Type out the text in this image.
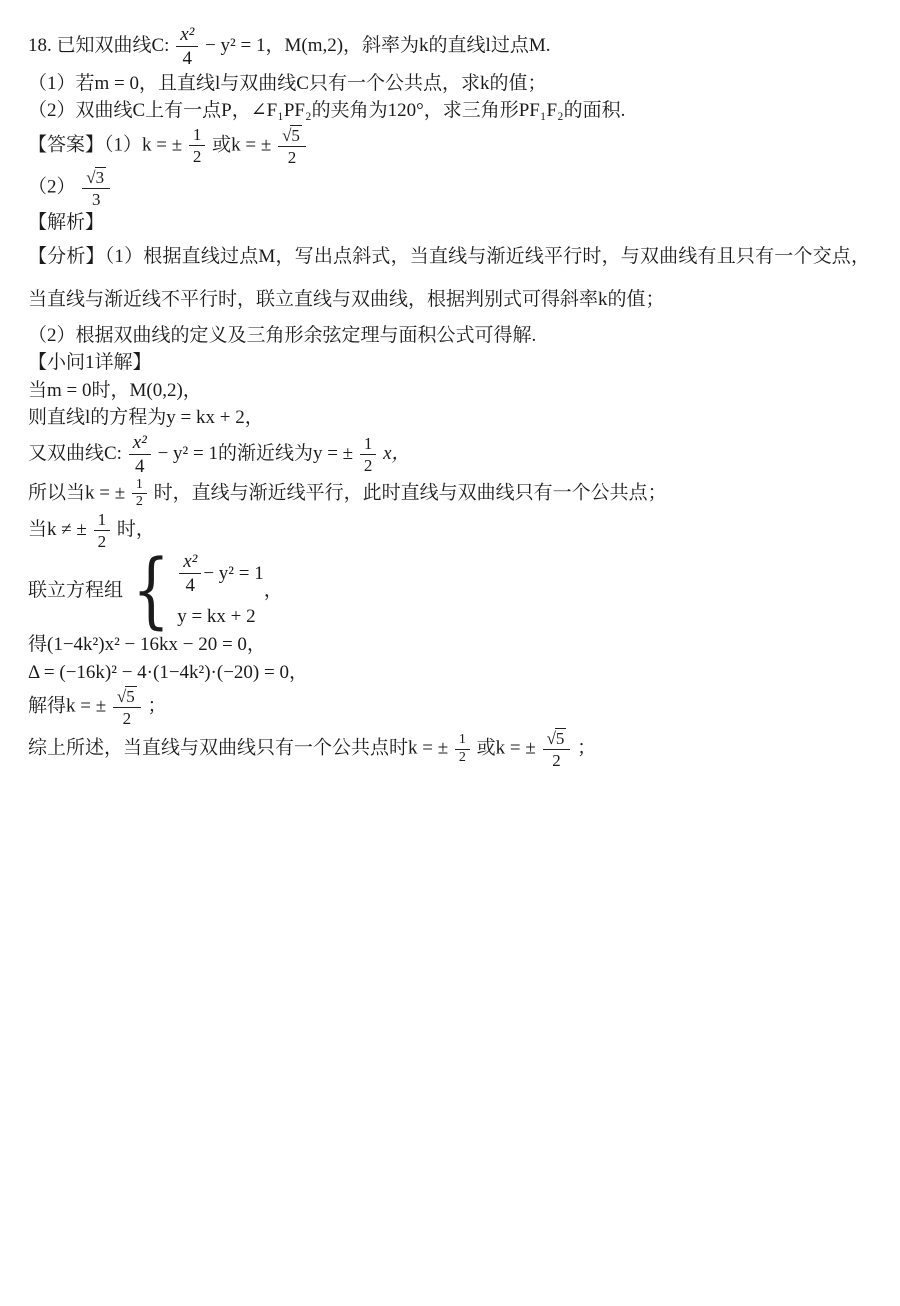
18. 已知双曲线C: $\frac{\text{x²}}{4} - y^2 = 1$，M(m,2)，斜率为k的直线l过点M.

（1）若m = 0，且直线l与双曲线C只有一个公共点，求k的值；

（2）双曲线C上有一点P，∠F₁PF₂的夹角为120°，求三角形PF₁F₂的面积.

【答案】（1）k = ± $\frac{1}{2}$ 或k = ± $\frac{√5}{2}$

$(2) \frac{√3}{3}$

【解析】

【分析】（1）根据直线过点M，写出点斜式，当直线与渐近线平行时，与双曲线有且只有一个交点，当直线与渐近线不平行时，联立直线与双曲线，根据判别式可得斜率k的值；

（2）根据双曲线的定义及三角形余弦定理与面积公式可得解.

【小问1详解】

当m = 0时，M(0,2)，

则直线l的方程为y = kx + 2，

又双曲线C: $\frac{\text{x²}}{4} - y^2 = 1$的渐近线为y = ± $\frac{1}{2}$ x，

所以当k = ± $\frac{1}{2}$ 时，直线与渐近线平行，此时直线与双曲线只有一个公共点；

当k ≠ ± $\frac{1}{2}$ 时，

联立方程组 { $\frac{\text{x²}}{4} - y^2 = 1$
y = kx + 2
，

得(1−4k²)x² − 16kx − 20 = 0，

Δ = (−16k)² − 4·(1−4k²)·(−20) = 0，

解得k = ± $\frac{√5}{2}$ ；

综上所述，当直线与双曲线只有一个公共点时k = ± $\frac{1}{2}$ 或k = ± $\frac{√5}{2}$ ；
